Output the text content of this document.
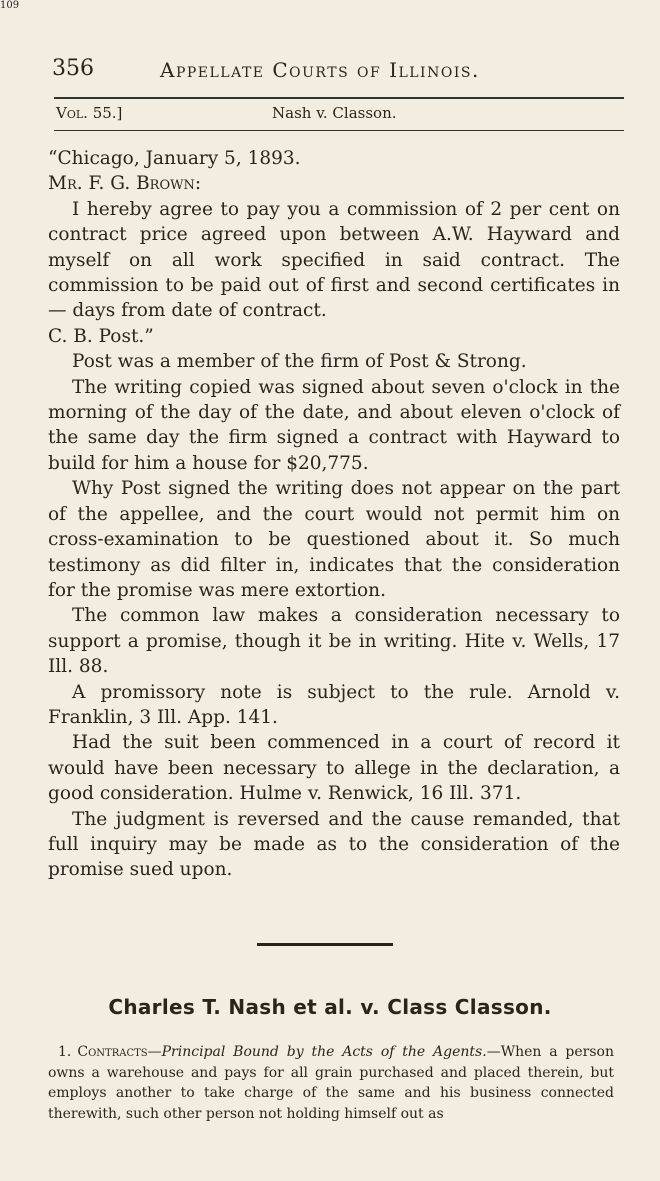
109
356	Appellate Courts of Illinois.
Vol. 55.]	Nash v. Classon.

“Chicago, January 5, 1893.

Mr. F. G. Brown:

I hereby agree to pay you a commission of 2 per cent on contract price agreed upon between A.W. Hayward and myself on all work specified in said contract. The commission to be paid out of first and second certificates in — days from date of contract.

C. B. Post.”

Post was a member of the firm of Post & Strong.

The writing copied was signed about seven o'clock in the morning of the day of the date, and about eleven o'clock of the same day the firm signed a contract with Hayward to build for him a house for $20,775.

Why Post signed the writing does not appear on the part of the appellee, and the court would not permit him on cross-examination to be questioned about it. So much testimony as did filter in, indicates that the consideration for the promise was mere extortion.

The common law makes a consideration necessary to support a promise, though it be in writing. Hite v. Wells, 17 Ill. 88.

A promissory note is subject to the rule. Arnold v. Franklin, 3 Ill. App. 141.

Had the suit been commenced in a court of record it would have been necessary to allege in the declaration, a good consideration. Hulme v. Renwick, 16 Ill. 371.

The judgment is reversed and the cause remanded, that full inquiry may be made as to the consideration of the promise sued upon.

Charles T. Nash et al. v. Class Classon.
1. Contracts—Principal Bound by the Acts of the Agents.—When a person owns a warehouse and pays for all grain purchased and placed therein, but employs another to take charge of the same and his business connected therewith, such other person not holding himself out as
